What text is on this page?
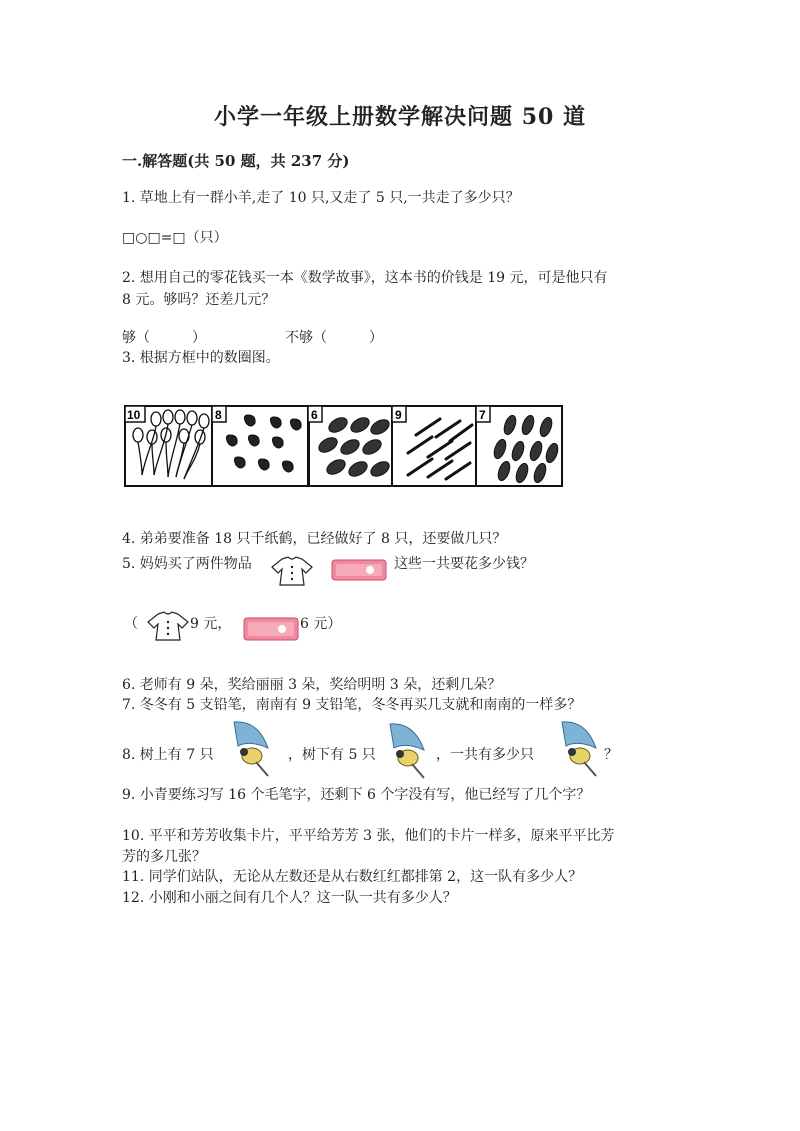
小学一年级上册数学解决问题 50 道
一.解答题(共 50 题，共 237 分)
1. 草地上有一群小羊,走了 10 只,又走了 5 只,一共走了多少只？
□○□=□（只）
2. 想用自己的零花钱买一本《数学故事》，这本书的价钱是 19 元，可是他只有
8 元。够吗？还差几元？
够（　　　）	不够（　　　）
3. 根据方框中的数圈图。
10	8	6	9	7
4. 弟弟要准备 18 只千纸鹤，已经做好了 8 只，还要做几只？
5. 妈妈买了两件物品	这些一共要花多少钱？
（	9 元，	6 元）
6. 老师有 9 朵，奖给丽丽 3 朵，奖给明明 3 朵，还剩几朵？
7. 冬冬有 5 支铅笔，南南有 9 支铅笔，冬冬再买几支就和南南的一样多？
8. 树上有 7 只	，树下有 5 只	，一共有多少只	？
9. 小青要练习写 16 个毛笔字，还剩下 6 个字没有写，他已经写了几个字？
10. 平平和芳芳收集卡片，平平给芳芳 3 张，他们的卡片一样多，原来平平比芳
芳的多几张？
11. 同学们站队，无论从左数还是从右数红红都排第 2，这一队有多少人？
12. 小刚和小丽之间有几个人？这一队一共有多少人？
